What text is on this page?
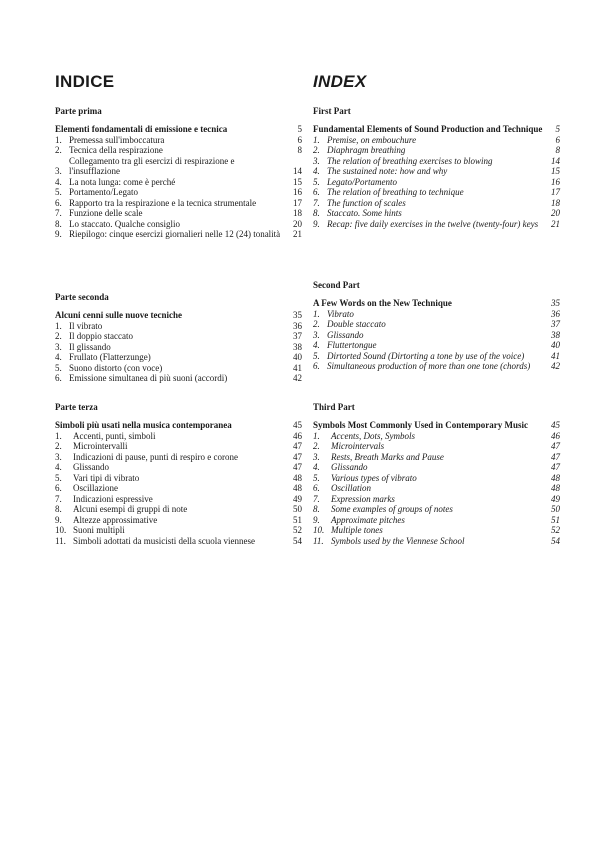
INDICE
Parte prima
Elementi fondamentali di emissione e tecnica	5
1. Premessa sull'imboccatura	6
2. Tecnica della respirazione	8
3.
Collegamento tra gli esercizi di respirazione e l'insufflazione	14
4. La nota lunga: come è perché	15
5. Portamento/Legato	16
6. Rapporto tra la respirazione e la tecnica strumentale	17
7. Funzione delle scale	18
8. Lo staccato. Qualche consiglio	20
9. Riepilogo: cinque esercizi giornalieri nelle 12 (24) tonalità	21
Parte seconda
Alcuni cenni sulle nuove tecniche	35
1. Il vibrato	36
2. Il doppio staccato	37
3. Il glissando	38
4. Frullato (Flatterzunge)	40
5. Suono distorto (con voce)	41
6. Emissione simultanea di più suoni (accordi)	42
Parte terza
Simboli più usati nella musica contemporanea	45
1.	Accenti, punti, simboli	46
2.	Microintervalli	47
3.	Indicazioni di pause, punti di respiro e corone	47
4.	Glissando	47
5.	Vari tipi di vibrato	48
6.	Oscillazione	48
7.	Indicazioni espressive	49
8.	Alcuni esempi di gruppi di note	50
9.	Altezze approssimative	51
10. Suoni multipli	52
11. Simboli adottati da musicisti della scuola viennese	54
INDEX
First Part
Fundamental Elements of Sound Production and Technique	5
1. Premise, on embouchure	6
2. Diaphragm breathing	8
3. The relation of breathing exercises to blowing	14
4. The sustained note: how and why	15
5. Legato/Portamento	16
6. The relation of breathing to technique	17
7. The function of scales	18
8. Staccato. Some hints	20
9. Recap: five daily exercises in the twelve (twenty-four) keys	21
Second Part
A Few Words on the New Technique	35
1. Vibrato	36
2. Double staccato	37
3. Glissando	38
4. Fluttertongue	40
5. Dirtorted Sound (Dirtorting a tone by use of the voice)	41
6. Simultaneous production of more than one tone (chords)	42
Third Part
Symbols Most Commonly Used in Contemporary Music	45
1.	Accents, Dots, Symbols	46
2.	Microintervals	47
3.	Rests, Breath Marks and Pause	47
4.	Glissando	47
5.	Various types of vibrato	48
6.	Oscillation	48
7.	Expression marks	49
8.	Some examples of groups of notes	50
9.	Approximate pitches	51
10. Multiple tones	52
11. Symbols used by the Viennese School	54
